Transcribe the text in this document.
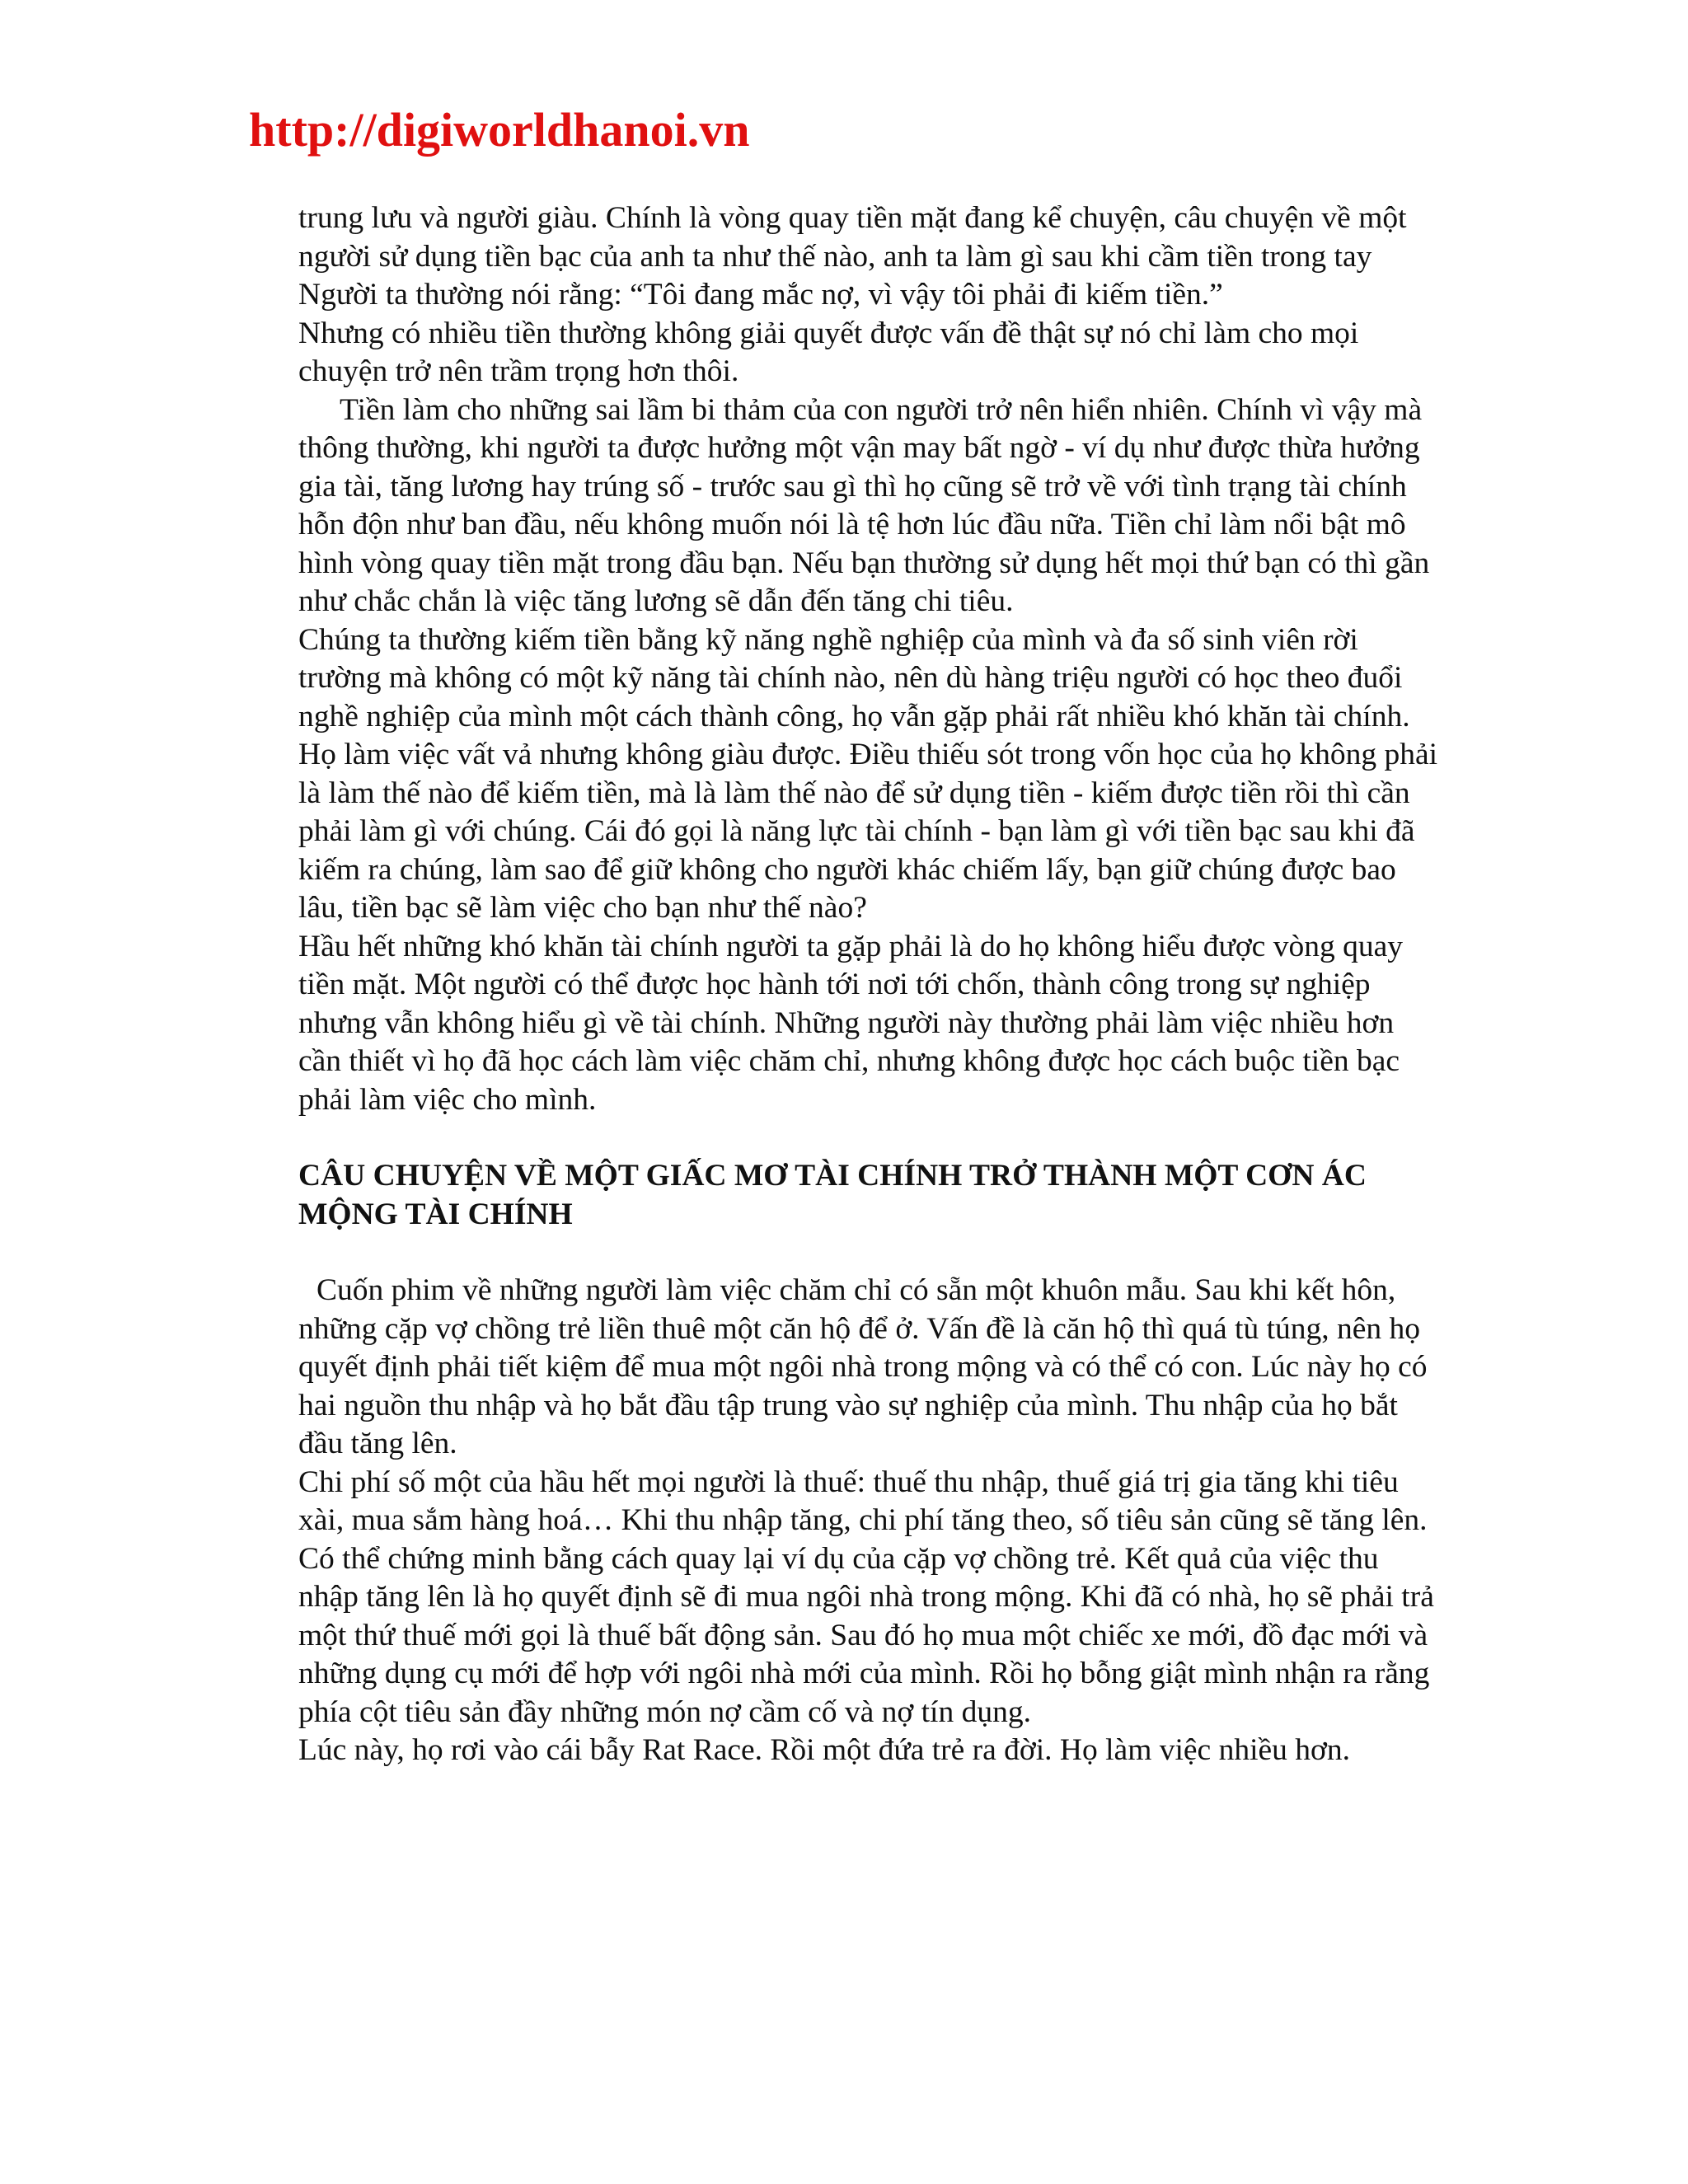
http://digiworldhanoi.vn

trung lưu và người giàu. Chính là vòng quay tiền mặt đang kể chuyện, câu chuyện về một người sử dụng tiền bạc của anh ta như thế nào, anh ta làm gì sau khi cầm tiền trong tay

Người ta thường nói rằng: “Tôi đang mắc nợ, vì vậy tôi phải đi kiếm tiền.”

Nhưng có nhiều tiền thường không giải quyết được vấn đề thật sự nó chỉ làm cho mọi chuyện trở nên trầm trọng hơn thôi.

Tiền làm cho những sai lầm bi thảm của con người trở nên hiển nhiên. Chính vì vậy mà thông thường, khi người ta được hưởng một vận may bất ngờ - ví dụ như được thừa hưởng gia tài, tăng lương hay trúng số - trước sau gì thì họ cũng sẽ trở về với tình trạng tài chính hỗn độn như ban đầu, nếu không muốn nói là tệ hơn lúc đầu nữa. Tiền chỉ làm nổi bật mô hình vòng quay tiền mặt trong đầu bạn. Nếu bạn thường sử dụng hết mọi thứ bạn có thì gần như chắc chắn là việc tăng lương sẽ dẫn đến tăng chi tiêu.

Chúng ta thường kiếm tiền bằng kỹ năng nghề nghiệp của mình và đa số sinh viên rời trường mà không có một kỹ năng tài chính nào, nên dù hàng triệu người có học theo đuổi nghề nghiệp của mình một cách thành công, họ vẫn gặp phải rất nhiều khó khăn tài chính. Họ làm việc vất vả nhưng không giàu được. Điều thiếu sót trong vốn học của họ không phải là làm thế nào để kiếm tiền, mà là làm thế nào để sử dụng tiền - kiếm được tiền rồi thì cần phải làm gì với chúng. Cái đó gọi là năng lực tài chính - bạn làm gì với tiền bạc sau khi đã kiếm ra chúng, làm sao để giữ không cho người khác chiếm lấy, bạn giữ chúng được bao lâu, tiền bạc sẽ làm việc cho bạn như thế nào?

Hầu hết những khó khăn tài chính người ta gặp phải là do họ không hiểu được vòng quay tiền mặt. Một người có thể được học hành tới nơi tới chốn, thành công trong sự nghiệp nhưng vẫn không hiểu gì về tài chính. Những người này thường phải làm việc nhiều hơn cần thiết vì họ đã học cách làm việc chăm chỉ, nhưng không được học cách buộc tiền bạc phải làm việc cho mình.

CÂU CHUYỆN VỀ MỘT GIẤC MƠ TÀI CHÍNH TRỞ THÀNH MỘT CƠN ÁC MỘNG TÀI CHÍNH

Cuốn phim về những người làm việc chăm chỉ có sẵn một khuôn mẫu. Sau khi kết hôn, những cặp vợ chồng trẻ liền thuê một căn hộ để ở. Vấn đề là căn hộ thì quá tù túng, nên họ quyết định phải tiết kiệm để mua một ngôi nhà trong mộng và có thể có con. Lúc này họ có hai nguồn thu nhập và họ bắt đầu tập trung vào sự nghiệp của mình. Thu nhập của họ bắt đầu tăng lên.

Chi phí số một của hầu hết mọi người là thuế: thuế thu nhập, thuế giá trị gia tăng khi tiêu xài, mua sắm hàng hoá… Khi thu nhập tăng, chi phí tăng theo, số tiêu sản cũng sẽ tăng lên.

Có thể chứng minh bằng cách quay lại ví dụ của cặp vợ chồng trẻ. Kết quả của việc thu nhập tăng lên là họ quyết định sẽ đi mua ngôi nhà trong mộng. Khi đã có nhà, họ sẽ phải trả một thứ thuế mới gọi là thuế bất động sản. Sau đó họ mua một chiếc xe mới, đồ đạc mới và những dụng cụ mới để hợp với ngôi nhà mới của mình. Rồi họ bỗng giật mình nhận ra rằng phía cột tiêu sản đầy những món nợ cầm cố và nợ tín dụng.

Lúc này, họ rơi vào cái bẫy Rat Race. Rồi một đứa trẻ ra đời. Họ làm việc nhiều hơn.
